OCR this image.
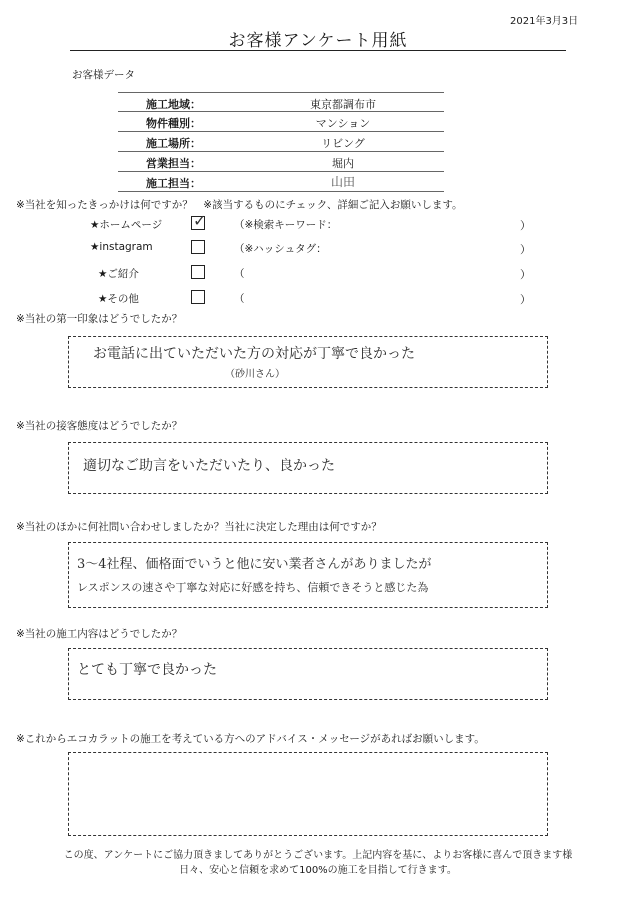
2021年3月3日
お客様アンケート用紙
お客様データ
施工地域：	東京都調布市
物件種別：	マンション
施工場所：	リビング
営業担当：	堀内
施工担当：	山田
※当社を知ったきっかけは何ですか？　※該当するものにチェック、詳細ご記入お願いします。
★ホームページ ✓	（※検索キーワード：	）
★instagram	（※ハッシュタグ：	）
★ご紹介	（	）
★その他	（	）
※当社の第一印象はどうでしたか？
お電話に出ていただいた方の対応が丁寧で良かった
（砂川さん）
※当社の接客態度はどうでしたか？
適切なご助言をいただいたり、良かった
※当社のほかに何社問い合わせしましたか？当社に決定した理由は何ですか？
3～4社程、価格面でいうと他に安い業者さんがありましたが
レスポンスの速さや丁寧な対応に好感を持ち、信頼できそうと感じた為
※当社の施工内容はどうでしたか？
とても丁寧で良かった
※これからエコカラットの施工を考えている方へのアドバイス・メッセージがあればお願いします。
この度、アンケートにご協力頂きましてありがとうございます。上記内容を基に、よりお客様に喜んで頂きます様
日々、安心と信頼を求めて100%の施工を目指して行きます。
